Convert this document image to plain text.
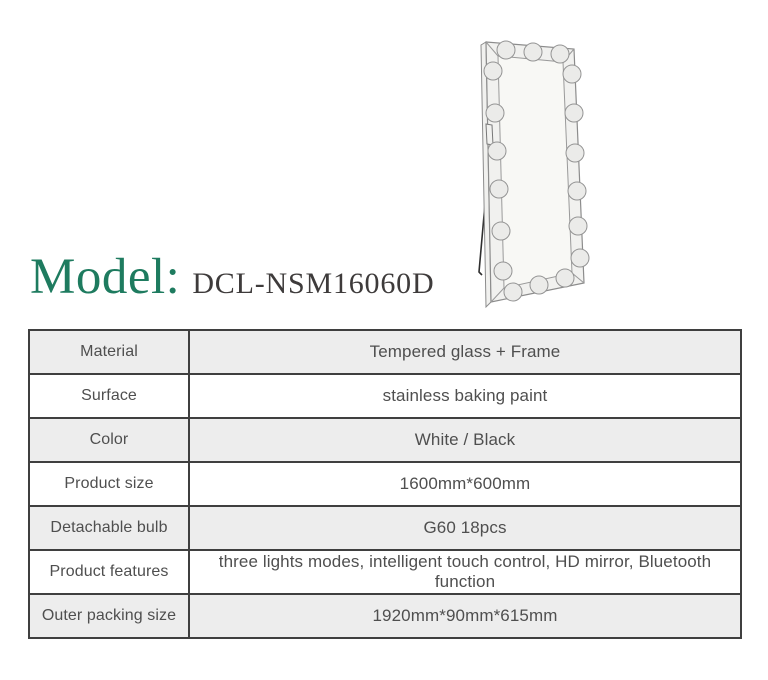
Model: DCL-NSM16060D
Material	Tempered glass + Frame
Surface	stainless baking paint
Color	White / Black
Product size	1600mm*600mm
Detachable bulb	G60 18pcs
Product features	three lights modes, intelligent touch control, HD mirror, Bluetooth function
Outer packing size	1920mm*90mm*615mm
